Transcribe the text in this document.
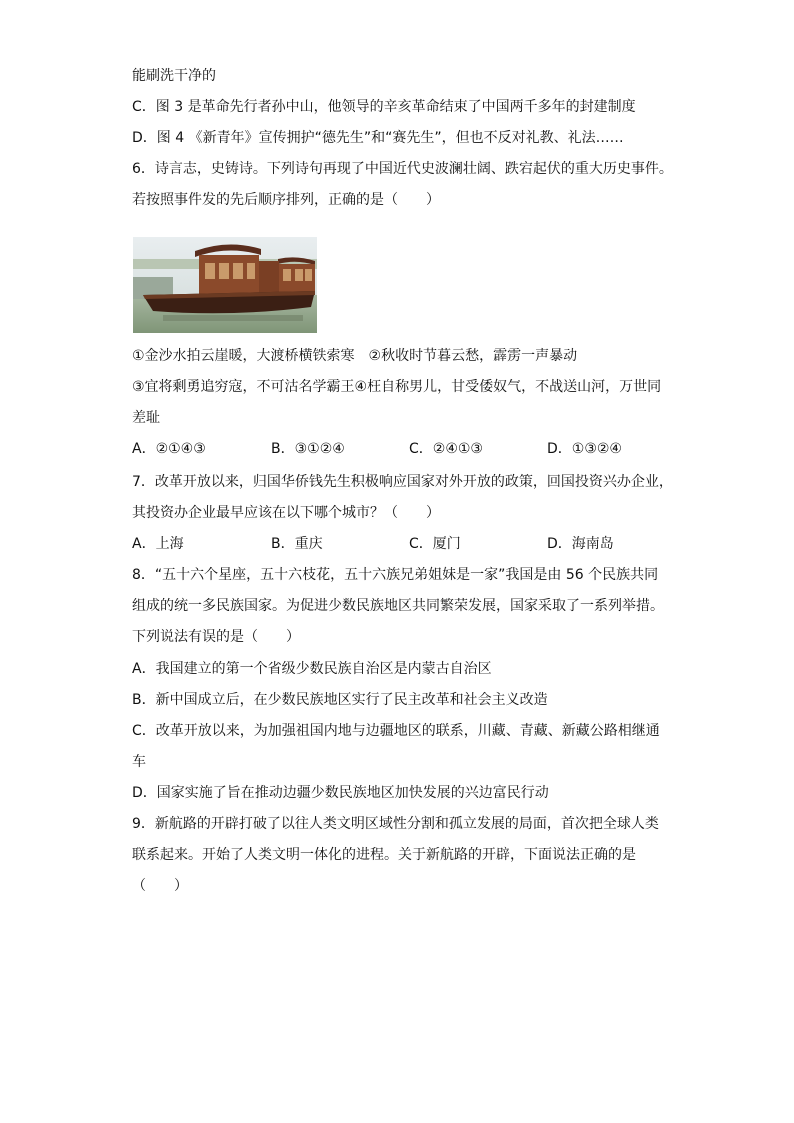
能刷洗干净的
C．图 3 是革命先行者孙中山，他领导的辛亥革命结束了中国两千多年的封建制度
D．图 4 《新青年》宣传拥护“德先生”和“赛先生”，但也不反对礼教、礼法……
6．诗言志，史铸诗。下列诗句再现了中国近代史波澜壮阔、跌宕起伏的重大历史事件。
若按照事件发的先后顺序排列，正确的是（　　）
①金沙水拍云崖暖，大渡桥横铁索寒　②秋收时节暮云愁，霹雳一声暴动
③宜将剩勇追穷寇，不可沽名学霸王④枉自称男儿，甘受倭奴气，不战送山河，万世同
差耻
A．②①④③	B．③①②④	C．②④①③	D．①③②④
7．改革开放以来，归国华侨钱先生积极响应国家对外开放的政策，回国投资兴办企业，
其投资办企业最早应该在以下哪个城市？（　　）
A．上海	B．重庆	C．厦门	D．海南岛
8．“五十六个星座，五十六枝花，五十六族兄弟姐妹是一家”我国是由 56 个民族共同
组成的统一多民族国家。为促进少数民族地区共同繁荣发展，国家采取了一系列举措。
下列说法有误的是（　　）
A．我国建立的第一个省级少数民族自治区是内蒙古自治区
B．新中国成立后，在少数民族地区实行了民主改革和社会主义改造
C．改革开放以来，为加强祖国内地与边疆地区的联系，川藏、青藏、新藏公路相继通
车
D．国家实施了旨在推动边疆少数民族地区加快发展的兴边富民行动
9．新航路的开辟打破了以往人类文明区域性分割和孤立发展的局面，首次把全球人类
联系起来。开始了人类文明一体化的进程。关于新航路的开辟，下面说法正确的是
（　　）
